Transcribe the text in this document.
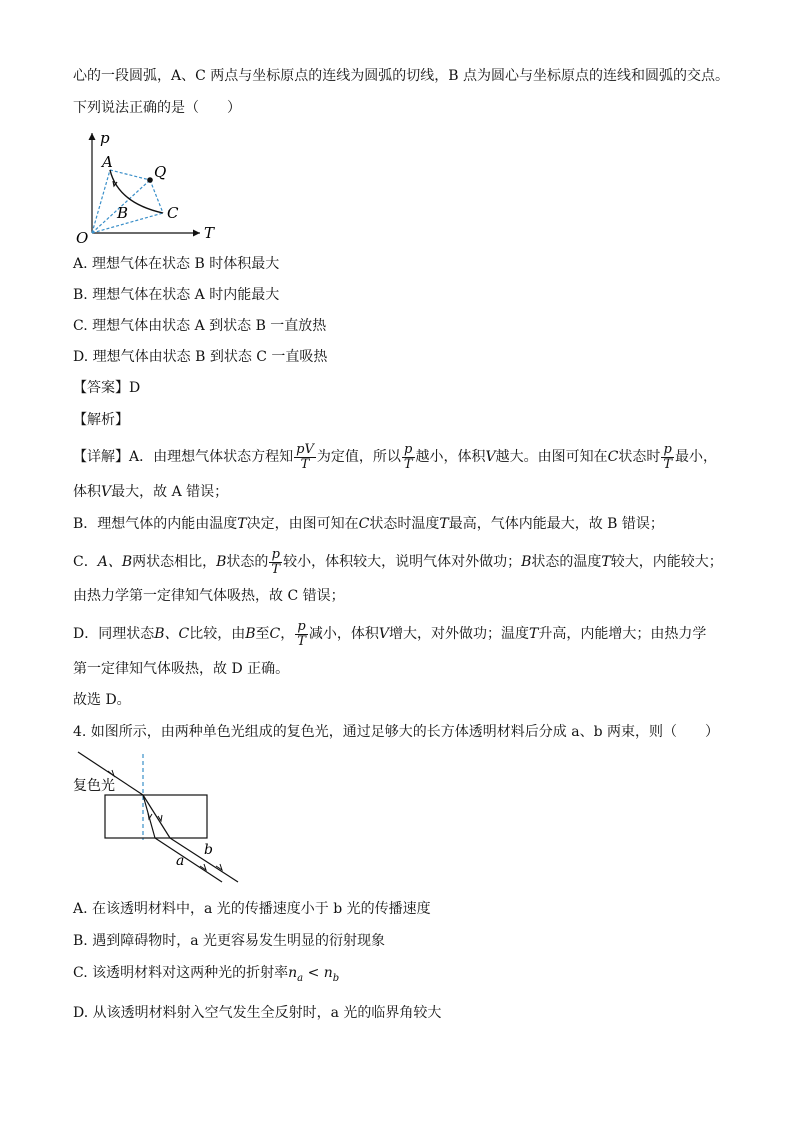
心的一段圆弧，A、C 两点与坐标原点的连线为圆弧的切线，B 点为圆心与坐标原点的连线和圆弧的交点。
下列说法正确的是（　　）
p
T
O
A
B	C
Q
A. 理想气体在状态 B 时体积最大
B. 理想气体在状态 A 时内能最大
C. 理想气体由状态 A 到状态 B 一直放热
D. 理想气体由状态 B 到状态 C 一直吸热
【答案】D
【解析】
【详解】A．由理想气体状态方程知 $\frac{pV}{T}$ 为定值，所以 $\frac{p}{T}$ 越小，体积V越大。由图可知在C状态时 $\frac{p}{T}$ 最小，
体积V最大，故 A 错误；
B．理想气体的内能由温度T决定，由图可知在C状态时温度T最高，气体内能最大，故 B 错误；
C．A、B两状态相比，B状态的 $\frac{p}{T}$ 较小，体积较大，说明气体对外做功；B状态的温度T较大，内能较大；
由热力学第一定律知气体吸热，故 C 错误；
D．同理状态B、C比较，由B至C， $\frac{p}{T}$ 减小，体积V增大，对外做功；温度T升高，内能增大；由热力学
第一定律知气体吸热，故 D 正确。
故选 D。
4. 如图所示，由两种单色光组成的复色光，通过足够大的长方体透明材料后分成 a、b 两束，则（　　）
复色光
a
b
A. 在该透明材料中，a 光的传播速度小于 b 光的传播速度
B. 遇到障碍物时，a 光更容易发生明显的衍射现象
C. 该透明材料对这两种光的折射率$n_a < n_b$
D. 从该透明材料射入空气发生全反射时，a 光的临界角较大
